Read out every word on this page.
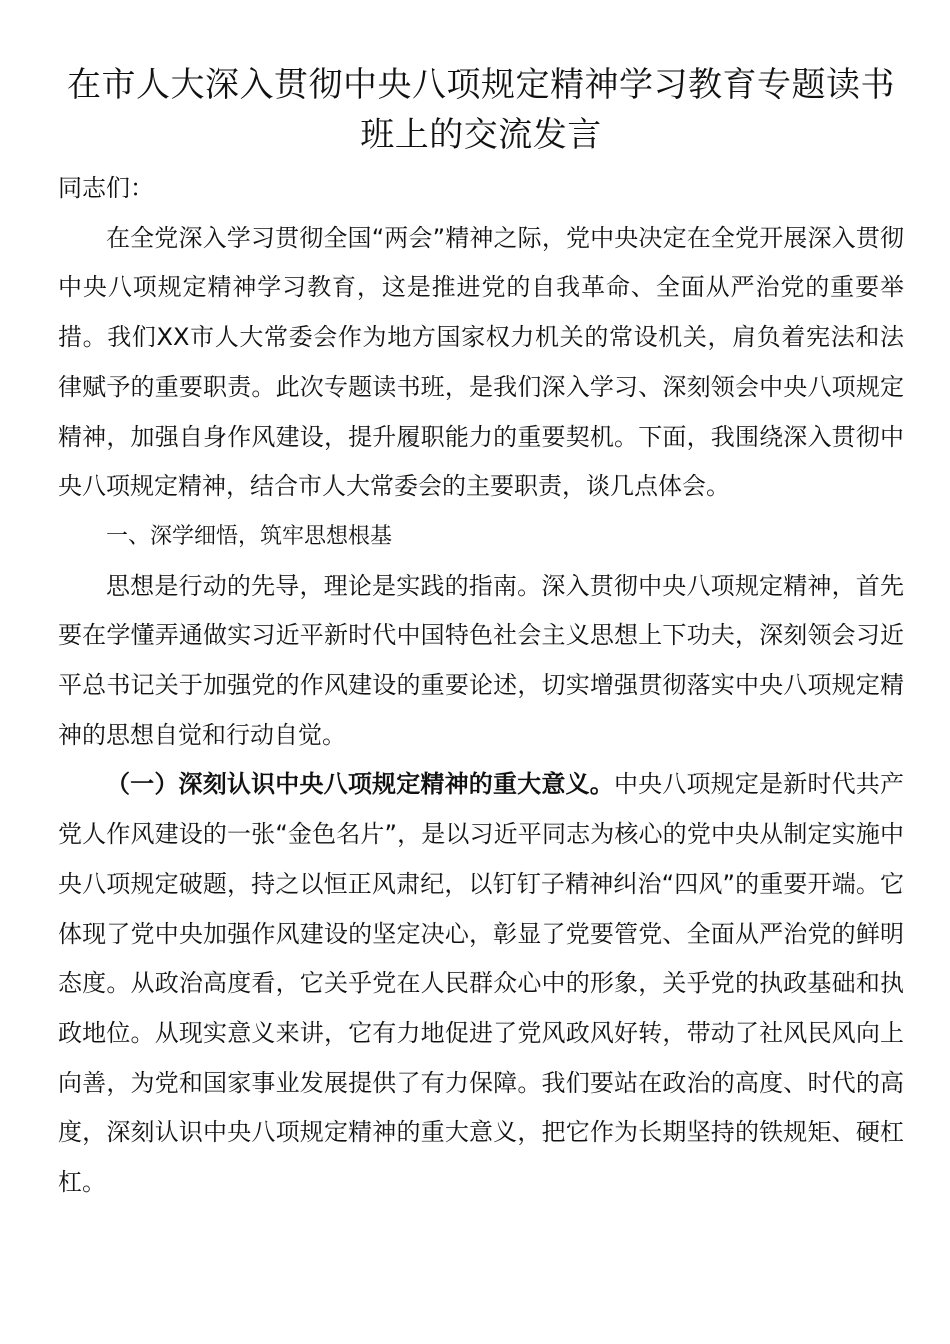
在市人大深入贯彻中央八项规定精神学习教育专题读书班上的交流发言

同志们：

在全党深入学习贯彻全国“两会”精神之际，党中央决定在全党开展深入贯彻中央八项规定精神学习教育，这是推进党的自我革命、全面从严治党的重要举措。我们XX市人大常委会作为地方国家权力机关的常设机关，肩负着宪法和法律赋予的重要职责。此次专题读书班，是我们深入学习、深刻领会中央八项规定精神，加强自身作风建设，提升履职能力的重要契机。下面，我围绕深入贯彻中央八项规定精神，结合市人大常委会的主要职责，谈几点体会。

一、深学细悟，筑牢思想根基

思想是行动的先导，理论是实践的指南。深入贯彻中央八项规定精神，首先要在学懂弄通做实习近平新时代中国特色社会主义思想上下功夫，深刻领会习近平总书记关于加强党的作风建设的重要论述，切实增强贯彻落实中央八项规定精神的思想自觉和行动自觉。

（一）深刻认识中央八项规定精神的重大意义。中央八项规定是新时代共产党人作风建设的一张“金色名片”，是以习近平同志为核心的党中央从制定实施中央八项规定破题，持之以恒正风肃纪，以钉钉子精神纠治“四风”的重要开端。它体现了党中央加强作风建设的坚定决心，彰显了党要管党、全面从严治党的鲜明态度。从政治高度看，它关乎党在人民群众心中的形象，关乎党的执政基础和执政地位。从现实意义来讲，它有力地促进了党风政风好转，带动了社风民风向上向善，为党和国家事业发展提供了有力保障。我们要站在政治的高度、时代的高度，深刻认识中央八项规定精神的重大意义，把它作为长期坚持的铁规矩、硬杠杠。
